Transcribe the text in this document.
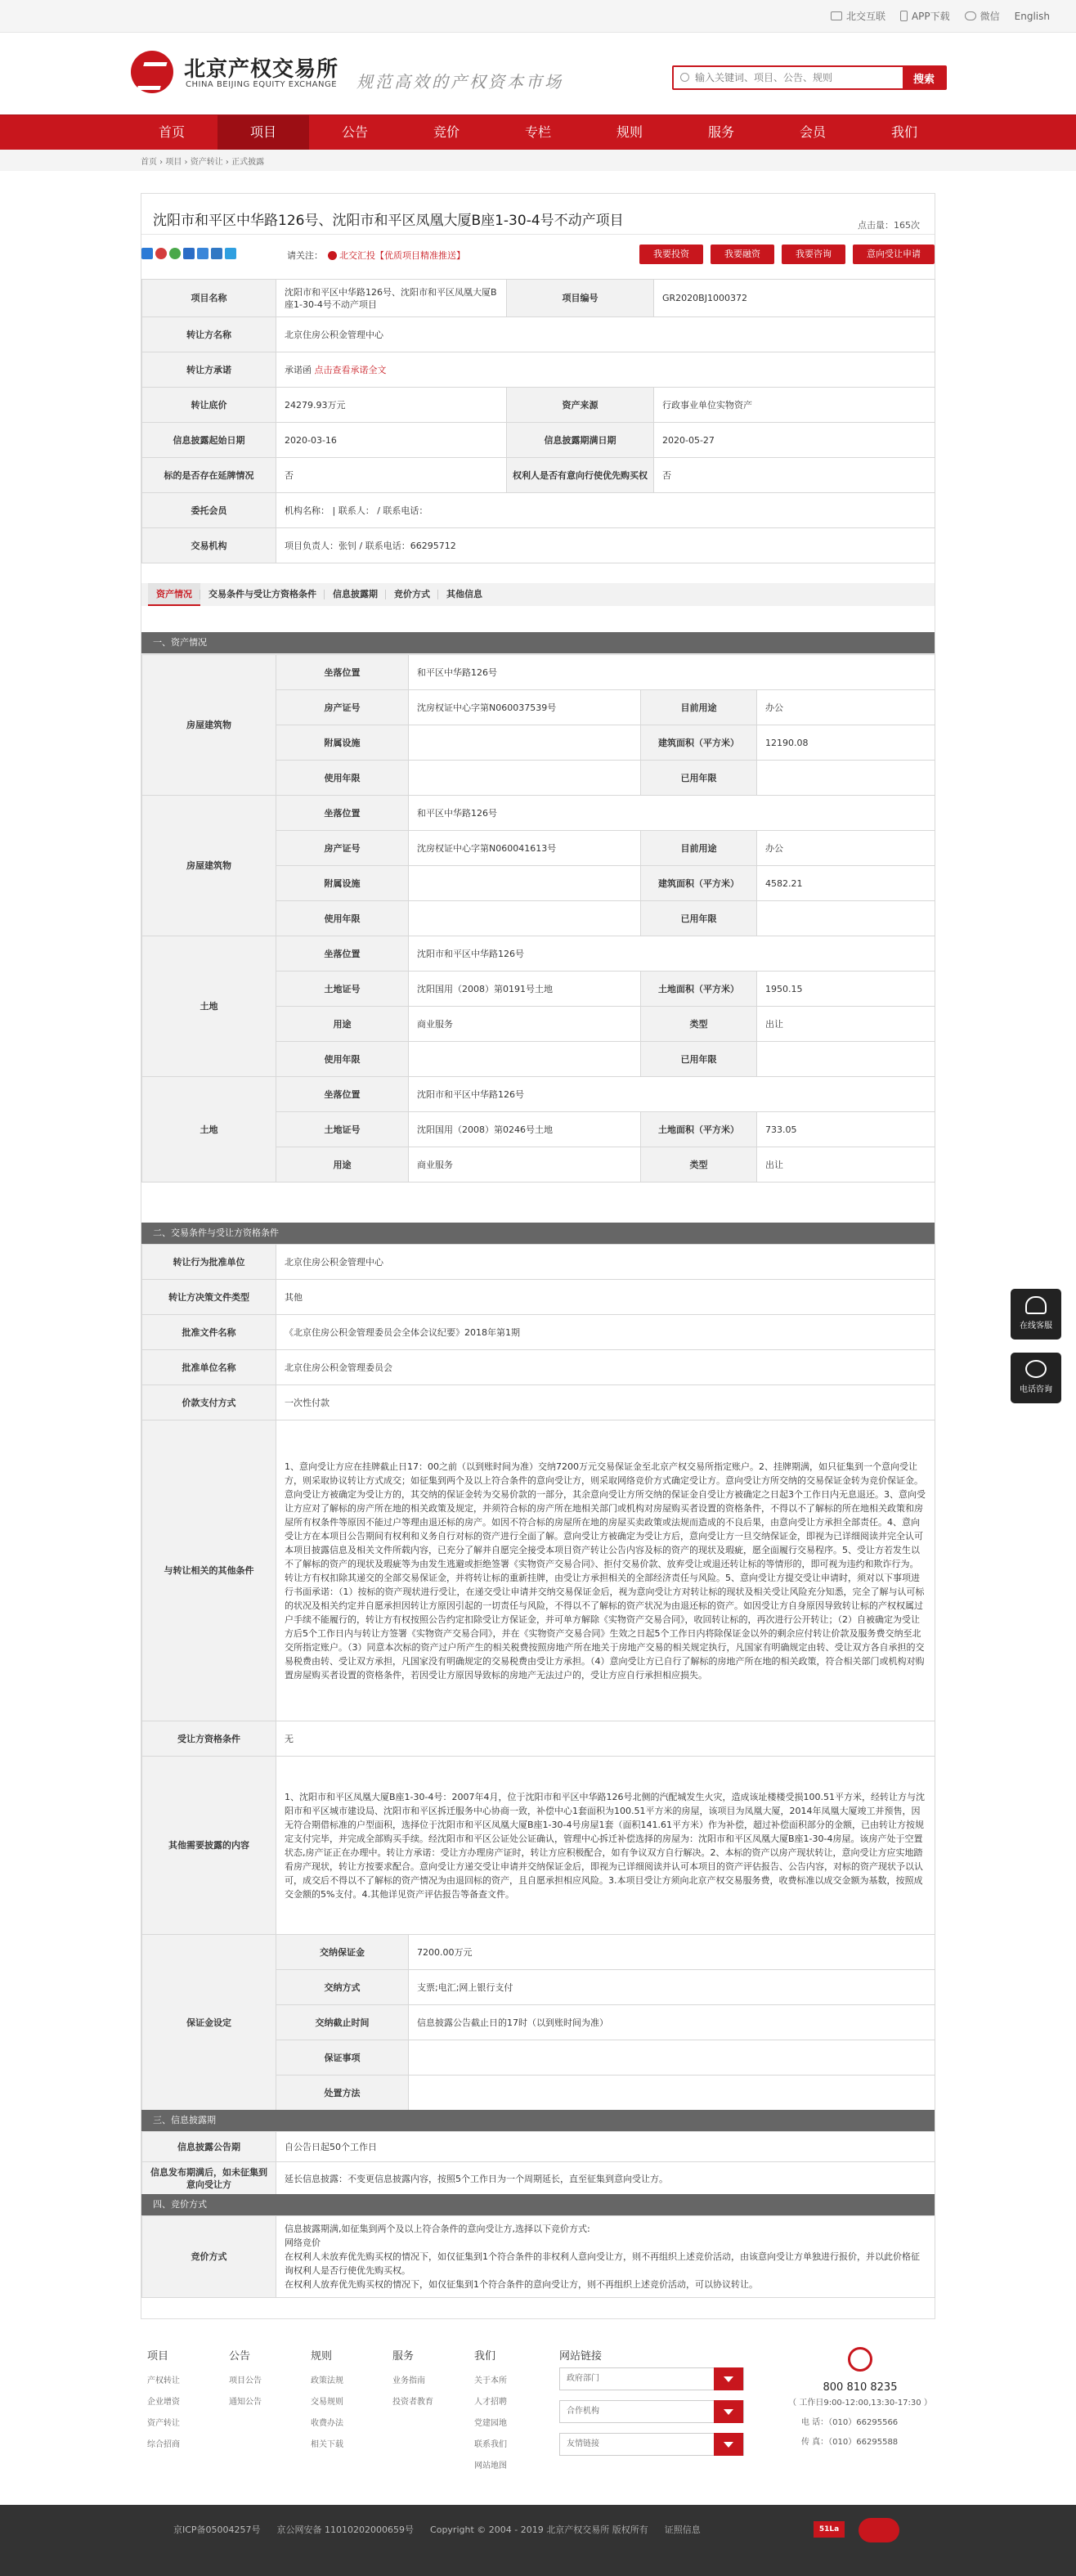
北交互联	APP下载	微信 English
北京产权交易所
CHINA BEIJING EQUITY EXCHANGE 规范高效的产权资本市场
输入关键词、项目、公告、规则	搜索
首页	项目	公告	竞价	专栏	规则	服务	会员	我们
首页 › 项目 › 资产转让 › 正式披露
沈阳市和平区中华路126号、沈阳市和平区凤凰大厦B座1-30-4号不动产项目	点击量：165次
请关注： 北交汇投【优质项目精准推送】	我要投资	我要融资	我要咨询	意向受让申请
项目名称	沈阳市和平区中华路126号、沈阳市和平区凤凰大厦B座1-30-4号不动产项目	项目编号	GR2020BJ1000372
转让方名称	北京住房公积金管理中心		
转让方承诺	承诺函 点击查看承诺全文		
转让底价	24279.93万元	资产来源	行政事业单位实物资产
信息披露起始日期	2020-03-16	信息披露期满日期	2020-05-27
标的是否存在延牌情况	否	权利人是否有意向行使优先购买权	否
委托会员	机构名称： | 联系人： / 联系电话：		
交易机构	项目负责人：张钊 / 联系电话：66295712		
资产情况	交易条件与受让方资格条件	信息披露期	竞价方式	其他信息
一、资产情况
房屋建筑物	坐落位置	和平区中华路126号		
	房产证号	沈房权证中心字第N060037539号	目前用途	办公
	附属设施		建筑面积（平方米）	12190.08
	使用年限		已用年限	
房屋建筑物	坐落位置	和平区中华路126号		
	房产证号	沈房权证中心字第N060041613号	目前用途	办公
	附属设施		建筑面积（平方米）	4582.21
	使用年限		已用年限	
土地	坐落位置	沈阳市和平区中华路126号		
	土地证号	沈阳国用（2008）第0191号土地	土地面积（平方米）	1950.15
	用途	商业服务	类型	出让
	使用年限		已用年限	
土地	坐落位置	沈阳市和平区中华路126号		
	土地证号	沈阳国用（2008）第0246号土地	土地面积（平方米）	733.05
	用途	商业服务	类型	出让
二、交易条件与受让方资格条件
转让行为批准单位	北京住房公积金管理中心
转让方决策文件类型	其他
批准文件名称	《北京住房公积金管理委员会全体会议纪要》2018年第1期
批准单位名称	北京住房公积金管理委员会
价款支付方式	一次性付款
与转让相关的其他条件	1、意向受让方应在挂牌截止日17：00之前（以到账时间为准）交纳7200万元交易保证金至北京产权交易所指定账户。2、挂牌期满，如只征集到一个意向受让方，则采取协议转让方式成交；如征集到两个及以上符合条件的意向受让方，则采取网络竞价方式确定受让方。意向受让方所交纳的交易保证金转为竞价保证金。意向受让方被确定为受让方的，其交纳的保证金转为交易价款的一部分，其余意向受让方所交纳的保证金自受让方被确定之日起3个工作日内无息退还。3、意向受让方应对了解标的房产所在地的相关政策及规定，并须符合标的房产所在地相关部门或机构对房屋购买者设置的资格条件，不得以不了解标的所在地相关政策和房屋所有权条件等原因不能过户等理由退还标的房产。如因不符合标的房屋所在地的房屋买卖政策或法规而造成的不良后果，由意向受让方承担全部责任。4、意向受让方在本项目公告期间有权利和义务自行对标的资产进行全面了解。意向受让方被确定为受让方后，意向受让方一旦交纳保证金，即视为已详细阅读并完全认可本项目披露信息及相关文件所载内容，已充分了解并自愿完全接受本项目资产转让公告内容及标的资产的现状及瑕疵，愿全面履行交易程序。5、受让方若发生以不了解标的资产的现状及瑕疵等为由发生逃避或拒绝签署《实物资产交易合同》、拒付交易价款、放弃受让或退还转让标的等情形的，即可视为违约和欺诈行为。转让方有权扣除其递交的全部交易保证金，并将转让标的重新挂牌，由受让方承担相关的全部经济责任与风险。5、意向受让方提交受让申请时，须对以下事项进行书面承诺：（1）按标的资产现状进行受让，在递交受让申请并交纳交易保证金后，视为意向受让方对转让标的现状及相关受让风险充分知悉，完全了解与认可标的状况及相关约定并自愿承担因转让方原因引起的一切责任与风险，不得以不了解标的资产状况为由退还标的资产。如因受让方自身原因导致转让标的产权权属过户手续不能履行的，转让方有权按照公告约定扣除受让方保证金，并可单方解除《实物资产交易合同》，收回转让标的，再次进行公开转让；（2）自被确定为受让方后5个工作日内与转让方签署《实物资产交易合同》，并在《实物资产交易合同》生效之日起5个工作日内将除保证金以外的剩余应付转让价款及服务费交纳至北交所指定账户。（3）同意本次标的资产过户所产生的相关税费按照房地产所在地关于房地产交易的相关规定执行，凡国家有明确规定由转、受让双方各自承担的交易税费由转、受让双方承担，凡国家没有明确规定的交易税费由受让方承担。（4）意向受让方已自行了解标的房地产所在地的相关政策，符合相关部门或机构对购置房屋购买者设置的资格条件，若因受让方原因导致标的房地产无法过户的，受让方应自行承担相应损失。
受让方资格条件	无
其他需要披露的内容	1、沈阳市和平区凤凰大厦B座1-30-4号：2007年4月，位于沈阳市和平区中华路126号北侧的汽配城发生火灾，造成该址楼楼受损100.51平方米，经转让方与沈阳市和平区城市建设局、沈阳市和平区拆迁服务中心协商一致，补偿中心1套面积为100.51平方米的房屋，该项目为凤凰大厦，2014年凤凰大厦竣工并预售，因无符合期借标准的户型面积，选择位于沈阳市和平区凤凰大厦B座1-30-4号房屋1套（面积141.61平方米）作为补偿，超过补偿面积部分的金额，已由转让方按规定支付完毕，并完成全部购买手续。经沈阳市和平区公证处公证确认，管理中心拆迁补偿选择的房屋为：沈阳市和平区凤凰大厦B座1-30-4房屋。该房产处于空置状态,房产证正在办理中。转让方承诺：受让方办理房产证时，转让方应积极配合，如有争议双方自行解决。2、本标的资产以房产现状转让，意向受让方应实地踏看房产现状，转让方按要求配合。意向受让方递交受让申请并交纳保证金后，即视为已详细阅读并认可本项目的资产评估报告、公告内容，对标的资产现状予以认可，成交后不得以不了解标的资产情况为由退回标的资产，且自愿承担相应风险。3.本项目受让方须向北京产权交易服务费，收费标准以成交金额为基数，按照成交金额的5%支付。4.其他详见资产评估报告等备查文件。
保证金设定	交纳保证金	7200.00万元
	交纳方式	支票;电汇;网上银行支付
	交纳截止时间	信息披露公告截止日的17时（以到账时间为准）
	保证事项	
	处置方法	
三、信息披露期
信息披露公告期	自公告日起50个工作日
信息发布期满后，如未征集到意向受让方	延长信息披露：不变更信息披露内容，按照5个工作日为一个周期延长，直至征集到意向受让方。
四、竞价方式
竞价方式	
信息披露期满,如征集到两个及以上符合条件的意向受让方,选择以下竞价方式:
网络竞价
在权利人未放弃优先购买权的情况下，如仅征集到1个符合条件的非权利人意向受让方，则不再组织上述竞价活动，由该意向受让方单独进行报价，并以此价格征询权利人是否行使优先购买权。
在权利人放弃优先购买权的情况下，如仅征集到1个符合条件的意向受让方，则不再组织上述竞价活动，可以协议转让。
在线客服
电话咨询
项目

产权转让

企业增资

资产转让

综合招商

公告

项目公告

通知公告

规则

政策法规

交易规则

收费办法

相关下载

服务

业务指南

投资者教育

我们

关于本所

人才招聘

党建园地

联系我们

网站地图

网站链接
政府部门
合作机构
友情链接
800 810 8235

（ 工作日9:00-12:00,13:30-17:30 ）

电 话：（010）66295566

传 真：（010）66295588

京ICP备05004257号 京公网安备 11010202000659号 Copyright © 2004 - 2019 北京产权交易所 版权所有 证照信息	51La
